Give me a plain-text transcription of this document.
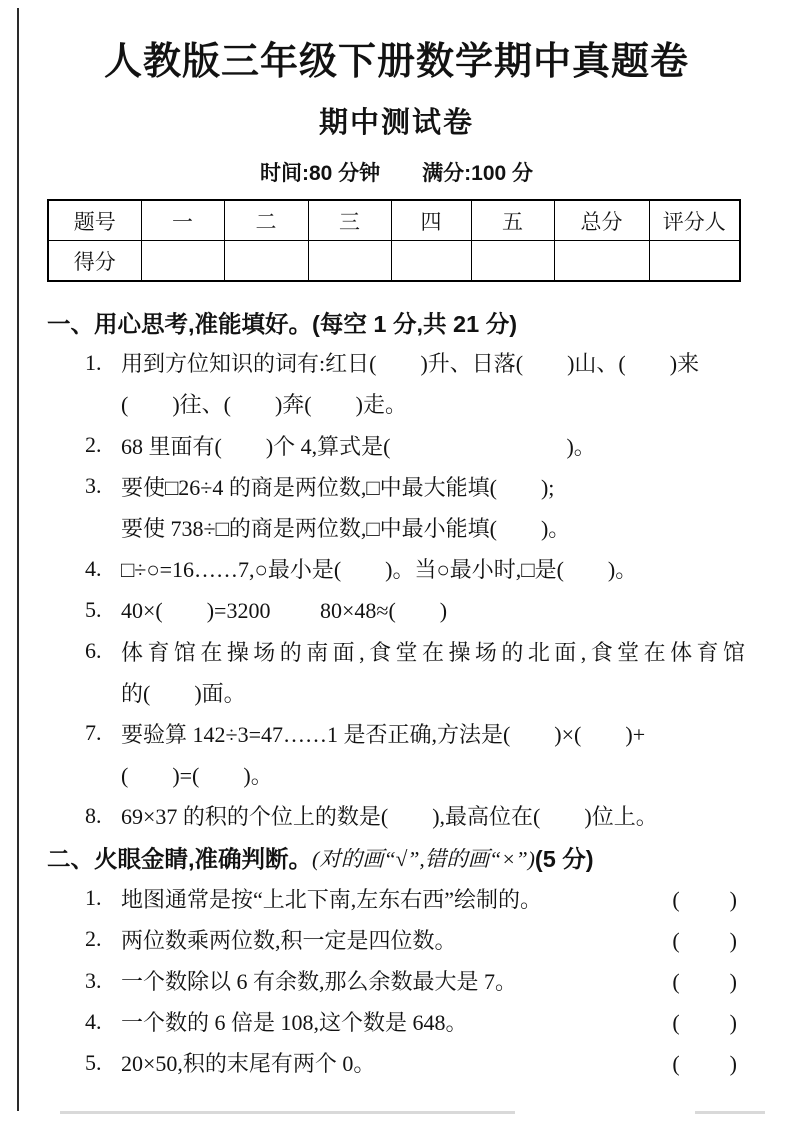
人教版三年级下册数学期中真题卷
期中测试卷
时间:80 分钟　　满分:100 分
题号	一	二	三	四	五	总分	评分人
得分							
一、用心思考,准能填好。(每空 1 分,共 21 分)
1. 用到方位知识的词有:红日(　　)升、日落(　　)山、(　　)来
(　　)往、(　　)奔(　　)走。
2. 68 里面有(　　)个 4,算式是(　　　　　　　　)。
3. 要使□26÷4 的商是两位数,□中最大能填(　　);
要使 738÷□的商是两位数,□中最小能填(　　)。
4. □÷○=16……7,○最小是(　　)。当○最小时,□是(　　)。
5. 40×(　　)=3200　　 80×48≈(　　)
6. 体育馆在操场的南面,食堂在操场的北面,食堂在体育馆
的(　　)面。
7. 要验算 142÷3=47……1 是否正确,方法是(　　)×(　　)+
(　　)=(　　)。
8. 69×37 的积的个位上的数是(　　),最高位在(　　)位上。
二、火眼金睛,准确判断。 (对的画“√”,错的画“×”) (5 分)
1. 地图通常是按“上北下南,左东右西”绘制的。	(　　)
2. 两位数乘两位数,积一定是四位数。	(　　)
3. 一个数除以 6 有余数,那么余数最大是 7。	(　　)
4. 一个数的 6 倍是 108,这个数是 648。	(　　)
5. 20×50,积的末尾有两个 0。	(　　)
